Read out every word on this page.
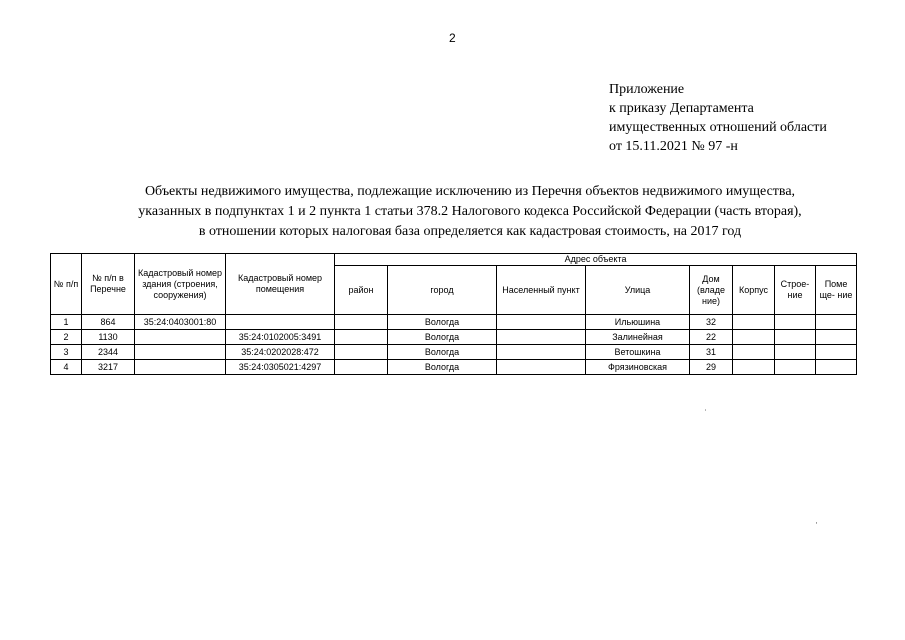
2
Приложение
к приказу Департамента
имущественных отношений области
от 15.11.2021 № 97 -н
Объекты недвижимого имущества, подлежащие исключению из Перечня объектов недвижимого имущества,
указанных в подпунктах 1 и 2 пункта 1 статьи 378.2 Налогового кодекса Российской Федерации (часть вторая),
в отношении которых налоговая база определяется как кадастровая стоимость, на 2017 год
№ п/п	№ п/п в Перечне	Кадастровый номер здания (строения, сооружения)	Кадастровый номер помещения	Адрес объекта							
				район	город	Населенный пункт	Улица	Дом (владе ние)	Корпус	Строе- ние	Поме ще- ние
1	864	35:24:0403001:80			Вологда		Ильюшина	32			
2	1130		35:24:0102005:3491		Вологда		Залинейная	22			
3	2344		35:24:0202028:472		Вологда		Ветошкина	31			
4	3217		35:24:0305021:4297		Вологда		Фрязиновская	29			
˙
·
